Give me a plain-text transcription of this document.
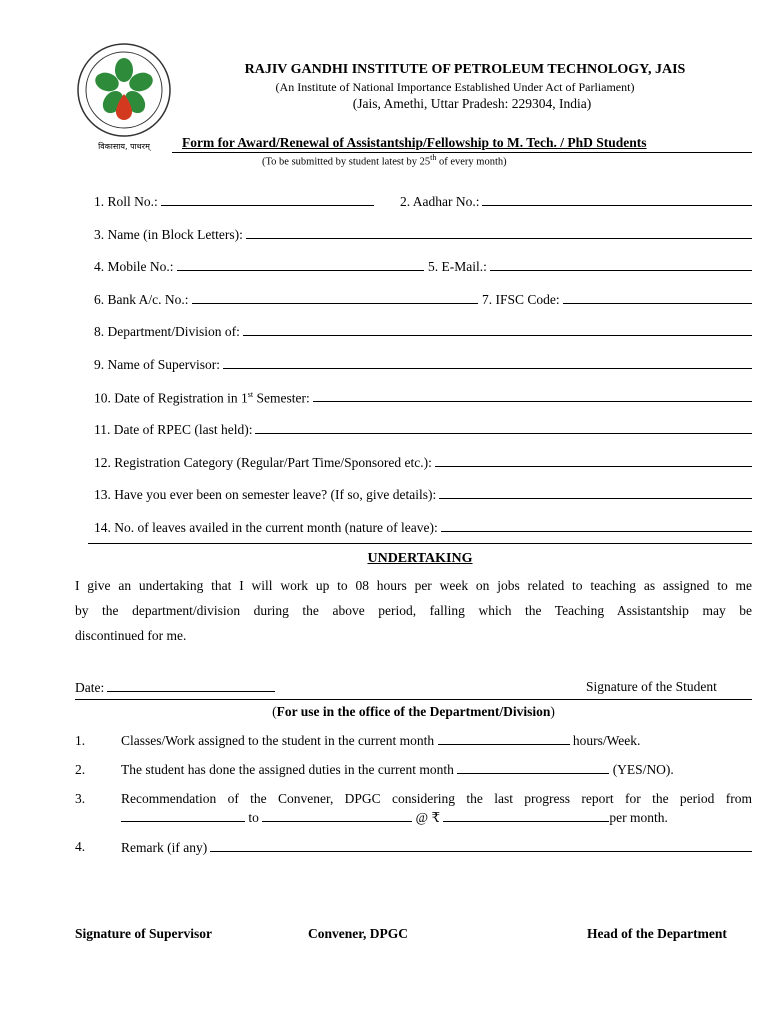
विकासाय, पाथरम्
RAJIV GANDHI INSTITUTE OF PETROLEUM TECHNOLOGY, JAIS
(An Institute of National Importance Established Under Act of Parliament)
(Jais, Amethi, Uttar Pradesh: 229304, India)
Form for Award/Renewal of Assistantship/Fellowship to M. Tech. / PhD Students
(To be submitted by student latest by 25th of every month)
1. Roll No.:	2. Aadhar No.:
3. Name (in Block Letters):
4. Mobile No.:	5. E-Mail.:
6. Bank A/c. No.:	7. IFSC Code:
8. Department/Division of:
9. Name of Supervisor:
10. Date of Registration in 1st Semester:
11. Date of RPEC (last held):
12. Registration Category (Regular/Part Time/Sponsored etc.):
13. Have you ever been on semester leave? (If so, give details):
14. No. of leaves availed in the current month (nature of leave):
UNDERTAKING
I give an undertaking that I will work up to 08 hours per week on jobs related to teaching as assigned to me
by the department/division during the above period, falling which the Teaching Assistantship may be
discontinued for me.
Date:	Signature of the Student
(For use in the office of the Department/Division)
1.	Classes/Work assigned to the student in the current month	hours/Week.
2.	The student has done the assigned duties in the current month	(YES/NO).
3.	Recommendation of the Convener, DPGC considering the last progress report for the period from
to	@ ₹	per month.
4.	Remark (if any)
Signature of Supervisor	Convener, DPGC	Head of the Department
